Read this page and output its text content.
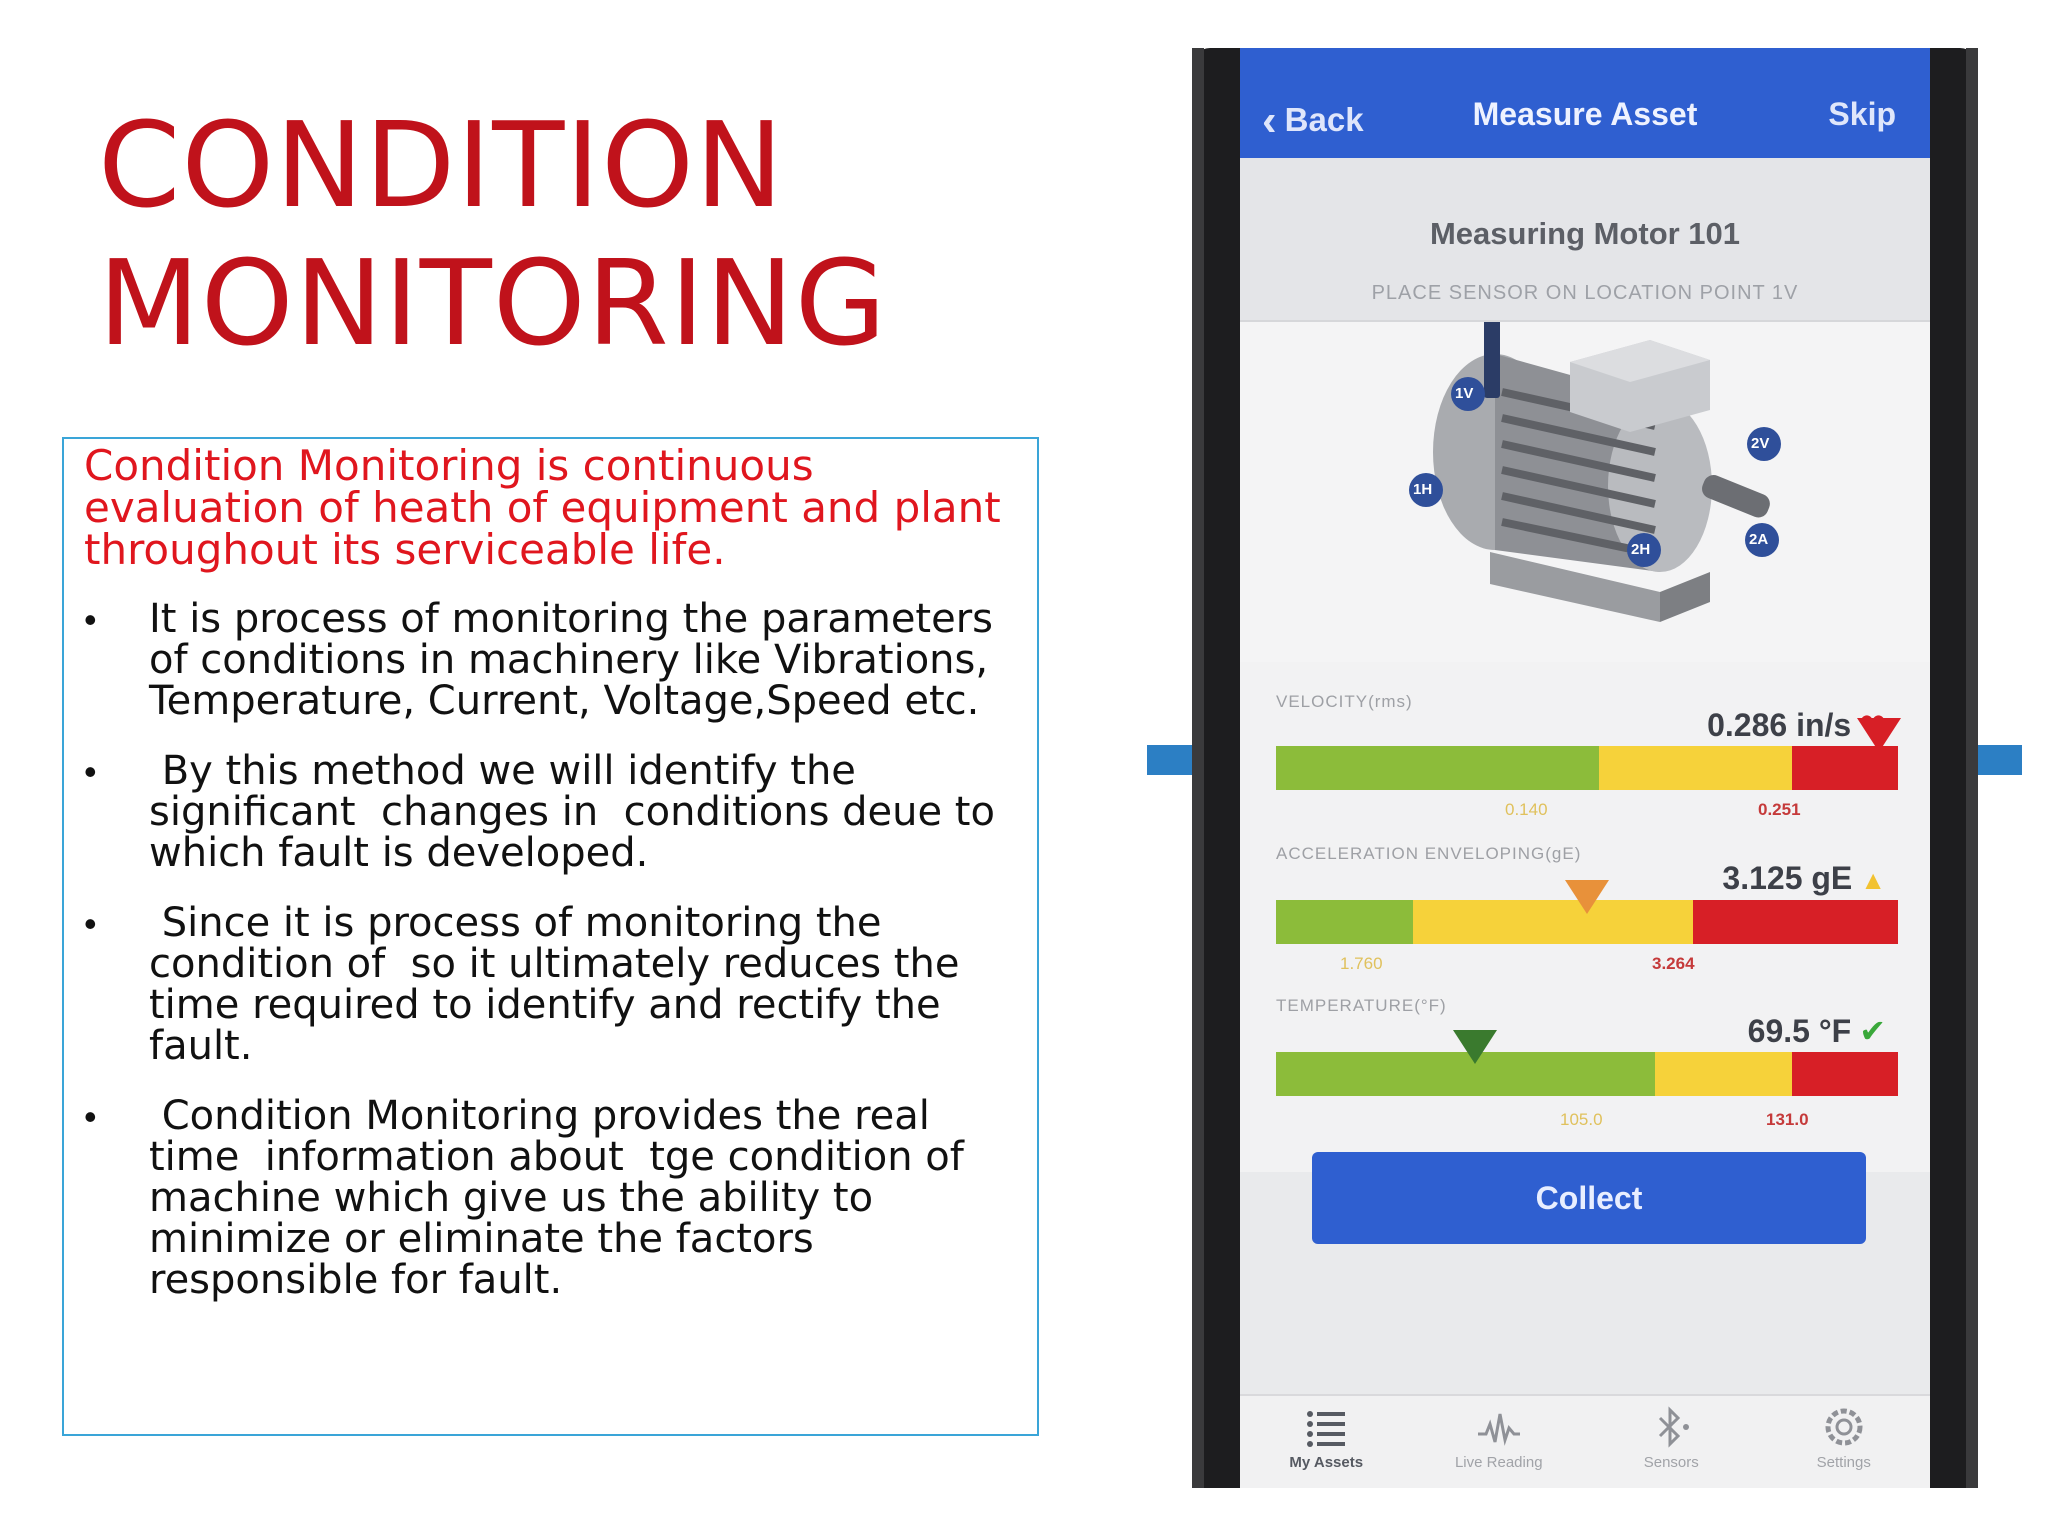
CONDITION
MONITORING
Condition Monitoring is continuous evaluation of heath of equipment and plant throughout its serviceable life.
• It is process of monitoring the parameters of conditions in machinery like Vibrations, Temperature, Current, Voltage,Speed etc.
• By this method we will identify the significant  changes in  conditions deue to which fault is developed.
• Since it is process of monitoring the condition of  so it ultimately reduces the time required to identify and rectify the fault.
• Condition Monitoring provides the real time  information about  tge condition of machine which give us the ability to minimize or eliminate the factors responsible for fault.
‹ Back	Measure Asset	Skip
Measuring Motor 101
PLACE SENSOR ON LOCATION POINT 1V
1V
1H
2V
2H
2A
VELOCITY(rms)
0.286 in/s ❤
0.140	0.251
ACCELERATION ENVELOPING(gE)
3.125 gE ▲
1.760	3.264
TEMPERATURE(°F)
69.5 °F ✔
105.0	131.0
Collect
My Assets	Live Reading	Sensors	Settings
